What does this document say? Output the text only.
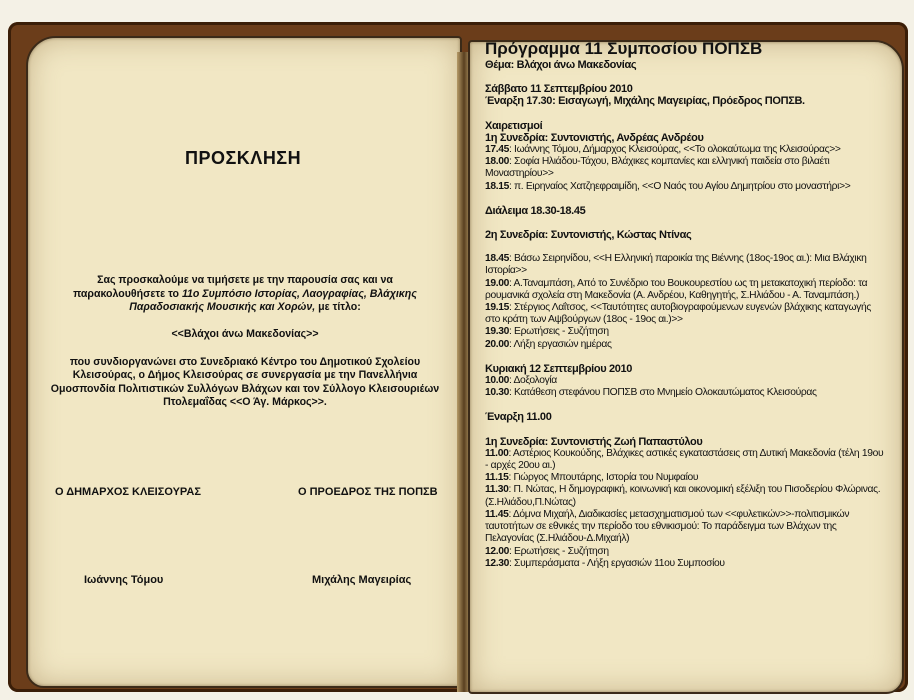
ΠΡΟΣΚΛΗΣΗ

Σας προσκαλούμε να τιμήσετε με την παρουσία σας και να παρακολουθήσετε το 11ο Συμπόσιο Ιστορίας, Λαογραφίας, Βλάχικης Παραδοσιακής Μουσικής και Χορών, με τίτλο:

<<Βλάχοι άνω Μακεδονίας>>

που συνδιοργανώνει στο Συνεδριακό Κέντρο του Δημοτικού Σχολείου Κλεισούρας, ο Δήμος Κλεισούρας σε συνεργασία με την Πανελλήνια Ομοσπονδία Πολιτιστικών Συλλόγων Βλάχων και τον Σύλλογο Κλεισουριέων Πτολεμαΐδας <<Ο Άγ. Μάρκος>>.

Ο ΔΗΜΑΡΧΟΣ ΚΛΕΙΣΟΥΡΑΣ	Ο ΠΡΟΕΔΡΟΣ ΤΗΣ ΠΟΠΣΒ
Ιωάννης Τόμου	Μιχάλης Μαγειρίας
Πρόγραμμα 11 Συμποσίου ΠΟΠΣΒ
Θέμα: Βλάχοι άνω Μακεδονίας
Σάββατο 11 Σεπτεμβρίου 2010
Έναρξη 17.30: Εισαγωγή, Μιχάλης Μαγειρίας, Πρόεδρος ΠΟΠΣΒ.
Χαιρετισμοί
1η Συνεδρία: Συντονιστής, Ανδρέας Ανδρέου
17.45: Ιωάννης Τόμου, Δήμαρχος Κλεισούρας, <<Το ολοκαύτωμα της Κλεισούρας>>
18.00: Σοφία Ηλιάδου-Τάχου, Βλάχικες κομπανίες και ελληνική παιδεία στο βιλαέτι Μοναστηρίου>>
18.15: π. Ειρηναίος Χατζηεφραιμίδη, <<Ο Ναός του Αγίου Δημητρίου στο μοναστήρι>>
Διάλειμα 18.30-18.45
2η Συνεδρία: Συντονιστής, Κώστας Ντίνας
18.45: Βάσω Σειρηνίδου, <<Η Ελληνική παροικία της Βιέννης (18ος-19ος αι.): Μια Βλάχικη Ιστορία>>
19.00: Α.Ταναμπάση, Από το Συνέδριο του Βουκουρεστίου ως τη μετακατοχική περίοδο: τα ρουμανικά σχολεία στη Μακεδονία (Α. Ανδρέου, Καθηγητής, Σ.Ηλιάδου - Α. Ταναμπάση.)
19.15: Στέργιος Λαΐτσος, <<Ταυτότητες αυτοβιογραφούμενων ευγενών βλάχικης καταγωγής στο κράτη των Αψβούργων (18ος - 19ος αι.)>>
19.30: Ερωτήσεις - Συζήτηση
20.00: Λήξη εργασιών ημέρας
Κυριακή 12 Σεπτεμβρίου 2010
10.00: Δοξολογία
10.30: Κατάθεση στεφάνου ΠΟΠΣΒ στο Μνημείο Ολοκαυτώματος Κλεισούρας
Έναρξη 11.00
1η Συνεδρία: Συντονιστής Ζωή Παπαστύλου
11.00: Αστέριος Κουκούδης, Βλάχικες αστικές εγκαταστάσεις στη Δυτική Μακεδονία (τέλη 19ου - αρχές 20ου αι.)
11.15: Γιώργος Μπουτάρης, Ιστορία του Νυμφαίου
11.30: Π. Νώτας, Η δημογραφική, κοινωνική και οικονομική εξέλιξη του Πισοδερίου Φλώρινας. (Σ.Ηλιάδου,Π.Νώτας)
11.45: Δόμνα Μιχαήλ, Διαδικασίες μετασχηματισμού των <<φυλετικών>>-πολιτισμικών ταυτοτήτων σε εθνικές την περίοδο του εθνικισμού: Το παράδειγμα των Βλάχων της Πελαγονίας (Σ.Ηλιάδου-Δ.Μιχαήλ)
12.00: Ερωτήσεις - Συζήτηση
12.30: Συμπεράσματα - Λήξη εργασιών 11ου Συμποσίου
